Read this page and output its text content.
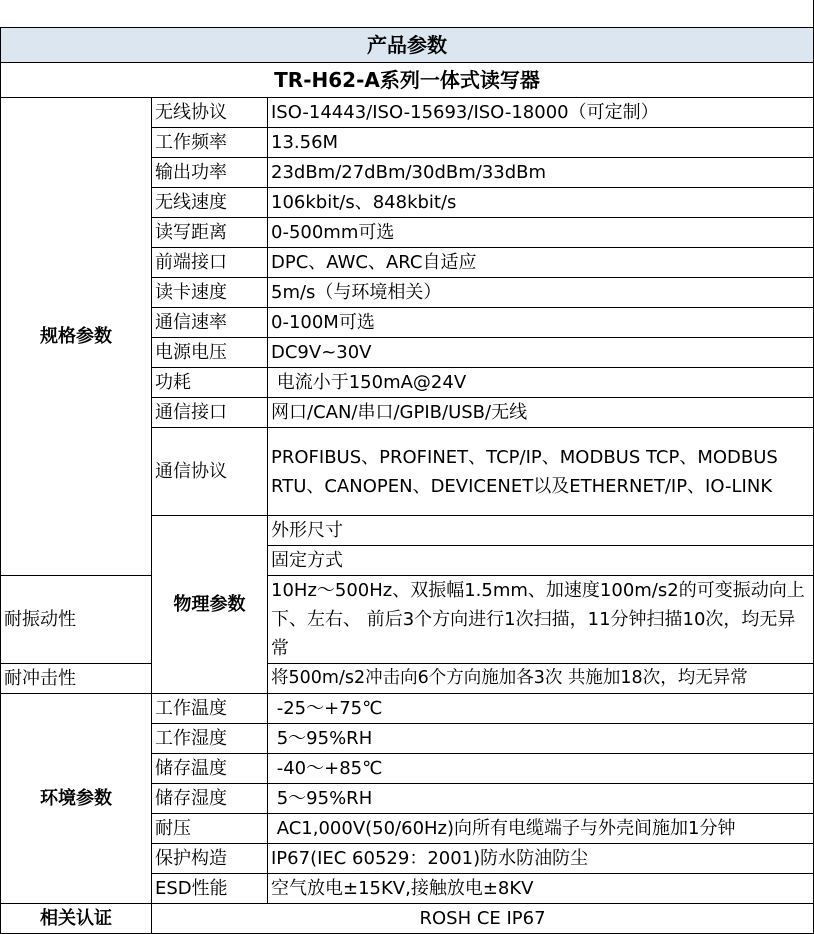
产品参数			
TR-H62-A系列一体式读写器			
规格参数	无线协议	ISO-14443/ISO-15693/ISO-18000（可定制）	
	工作频率	13.56M	
	输出功率	23dBm/27dBm/30dBm/33dBm	
	无线速度	106kbit/s、848kbit/s	
	读写距离	0-500mm可选	
	前端接口	DPC、AWC、ARC自适应	
	读卡速度	5m/s（与环境相关）	
	通信速率	0-100M可选	
	电源电压	DC9V~30V	
	功耗	电流小于150mA@24V	
	通信接口	网口/CAN/串口/GPIB/USB/无线	
	通信协议	PROFIBUS、PROFINET、TCP/IP、MODBUS TCP、MODBUS RTU、CANOPEN、DEVICENET以及ETHERNET/IP、IO-LINK	
	物理参数	外形尺寸	
		固定方式	
耐振动性		10Hz～500Hz、双振幅1.5mm、加速度100m/s2的可变振动向上下、左右、 前后3个方向进行1次扫描，11分钟扫描10次，均无异常	
耐冲击性		将500m/s2冲击向6个方向施加各3次 共施加18次，均无异常	
环境参数	工作温度	-25～+75℃	
	工作湿度	5～95%RH	
	储存温度	-40～+85℃	
	储存湿度	5～95%RH	
	耐压	AC1,000V(50/60Hz)向所有电缆端子与外壳间施加1分钟	
	保护构造	IP67(IEC 60529：2001)防水防油防尘	
	ESD性能	空气放电±15KV,接触放电±8KV	
相关认证	ROSH CE IP67		
